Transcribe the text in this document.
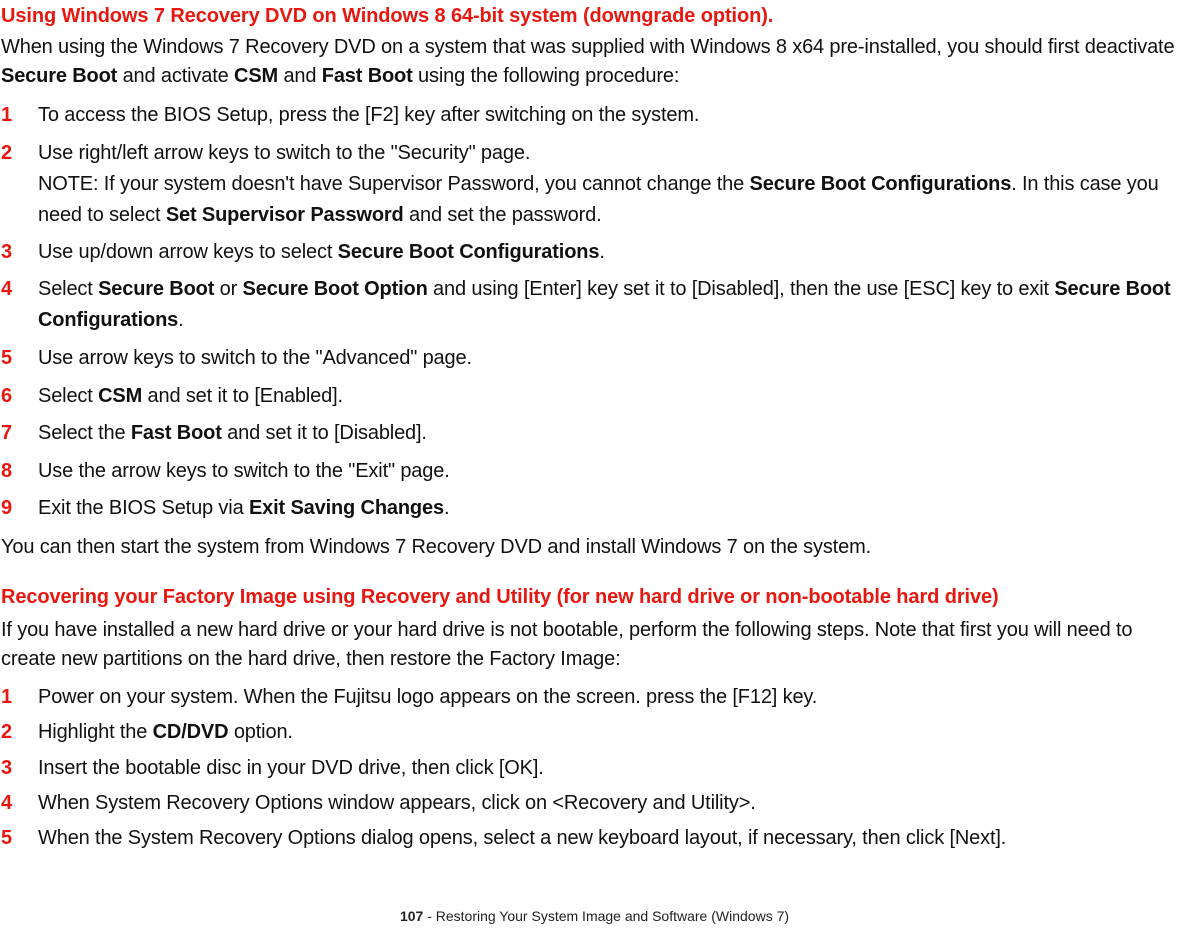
Using Windows 7 Recovery DVD on Windows 8 64-bit system (downgrade option).
When using the Windows 7 Recovery DVD on a system that was supplied with Windows 8 x64 pre-installed, you should first deactivate Secure Boot and activate CSM and Fast Boot using the following procedure:
1	To access the BIOS Setup, press the [F2] key after switching on the system.
2	Use right/left arrow keys to switch to the "Security" page.
NOTE: If your system doesn't have Supervisor Password, you cannot change the Secure Boot Configurations. In this case you need to select Set Supervisor Password and set the password.
3	Use up/down arrow keys to select Secure Boot Configurations.
4	Select Secure Boot or Secure Boot Option and using [Enter] key set it to [Disabled], then the use [ESC] key to exit Secure Boot Configurations.
5	Use arrow keys to switch to the "Advanced" page.
6	Select CSM and set it to [Enabled].
7	Select the Fast Boot and set it to [Disabled].
8	Use the arrow keys to switch to the "Exit" page.
9	Exit the BIOS Setup via Exit Saving Changes.
You can then start the system from Windows 7 Recovery DVD and install Windows 7 on the system.
Recovering your Factory Image using Recovery and Utility (for new hard drive or non-bootable hard drive)
If you have installed a new hard drive or your hard drive is not bootable, perform the following steps. Note that first you will need to create new partitions on the hard drive, then restore the Factory Image:
1	Power on your system. When the Fujitsu logo appears on the screen. press the [F12] key.
2	Highlight the CD/DVD option.
3	Insert the bootable disc in your DVD drive, then click [OK].
4	When System Recovery Options window appears, click on <Recovery and Utility>.
5	When the System Recovery Options dialog opens, select a new keyboard layout, if necessary, then click [Next].
107 - Restoring Your System Image and Software (Windows 7)
